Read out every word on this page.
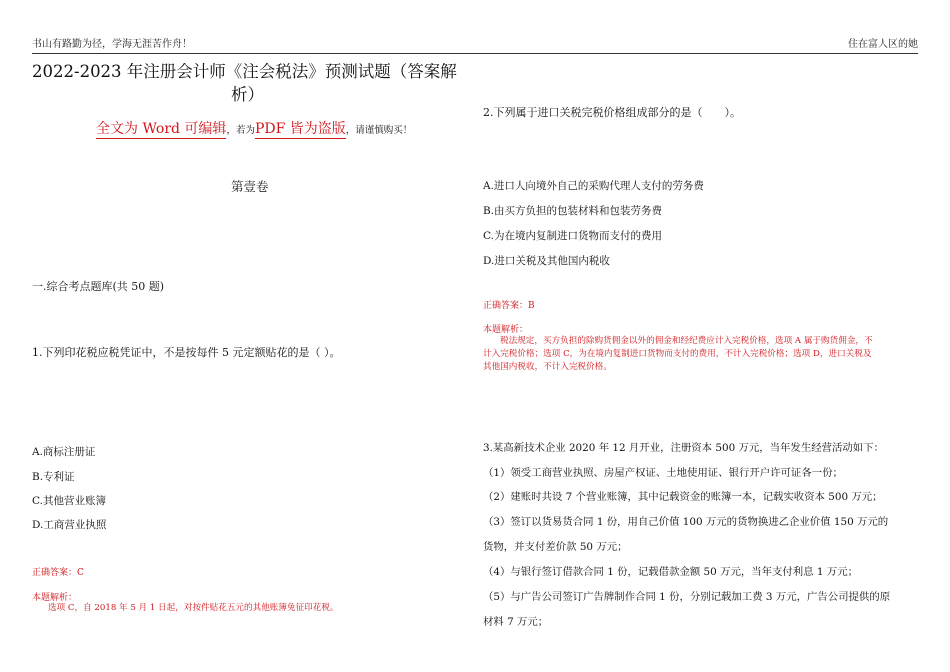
书山有路勤为径，学海无涯苦作舟！	住在富人区的她
2022-2023 年注册会计师《注会税法》预测试题（答案解
析）
全文为 Word 可编辑，若为PDF 皆为盗版，请谨慎购买！
第壹卷
一.综合考点题库(共 50 题)
1.下列印花税应税凭证中，不是按每件 5 元定额贴花的是（ ）。
A.商标注册证
B.专利证
C.其他营业账簿
D.工商营业执照
正确答案：C
本题解析：
选项 C，自 2018 年 5 月 1 日起，对按件贴花五元的其他账簿免征印花税。
2.下列属于进口关税完税价格组成部分的是（　　）。
A.进口人向境外自己的采购代理人支付的劳务费
B.由买方负担的包装材料和包装劳务费
C.为在境内复制进口货物而支付的费用
D.进口关税及其他国内税收
正确答案：B
本题解析：
税法规定，买方负担的除购货佣金以外的佣金和经纪费应计入完税价格，选项 A 属于购货佣金，不
计入完税价格；选项 C，为在境内复制进口货物而支付的费用，不计入完税价格；选项 D，进口关税及
其他国内税收，不计入完税价格。
3.某高新技术企业 2020 年 12 月开业，注册资本 500 万元，当年发生经营活动如下：
（1）领受工商营业执照、房屋产权证、土地使用证、银行开户许可证各一份；
（2）建账时共设 7 个营业账簿，其中记载资金的账簿一本，记载实收资本 500 万元；
（3）签订以货易货合同 1 份，用自己价值 100 万元的货物换进乙企业价值 150 万元的
货物，并支付差价款 50 万元；
（4）与银行签订借款合同 1 份，记载借款金额 50 万元，当年支付利息 1 万元；
（5）与广告公司签订广告牌制作合同 1 份，分别记载加工费 3 万元，广告公司提供的原
材料 7 万元；
